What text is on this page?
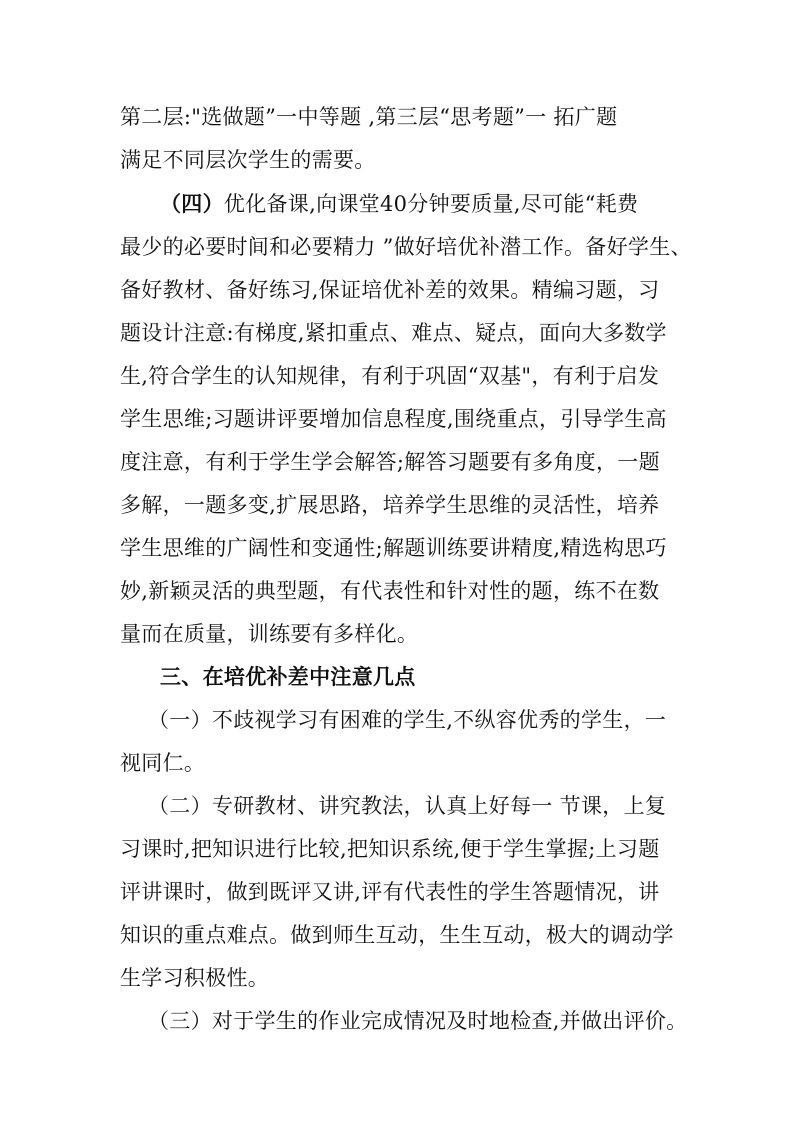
第二层:"选做题”一中等题 ,第三层“思考题”一 拓广题
满足不同层次学生的需要。
（四）优化备课,向课堂40分钟要质量,尽可能“耗费
最少的必要时间和必要精力 ”做好培优补潜工作。备好学生、
备好教材、备好练习,保证培优补差的效果。精编习题，习
题设计注意:有梯度,紧扣重点、难点、疑点，面向大多数学
生,符合学生的认知规律，有利于巩固“双基"，有利于启发
学生思维;习题讲评要增加信息程度,围绕重点，引导学生高
度注意，有利于学生学会解答;解答习题要有多角度，一题
多解，一题多变,扩展思路，培养学生思维的灵活性，培养
学生思维的广阔性和变通性;解题训练要讲精度,精选构思巧
妙,新颖灵活的典型题，有代表性和针对性的题，练不在数
量而在质量，训练要有多样化。
三、在培优补差中注意几点
（一）不歧视学习有困难的学生,不纵容优秀的学生，一
视同仁。
（二）专研教材、讲究教法，认真上好每一 节课，上复
习课时,把知识进行比较,把知识系统,便于学生掌握;上习题
评讲课时，做到既评又讲,评有代表性的学生答题情况，讲
知识的重点难点。做到师生互动，生生互动，极大的调动学
生学习积极性。
（三）对于学生的作业完成情况及时地检查,并做出评价。
